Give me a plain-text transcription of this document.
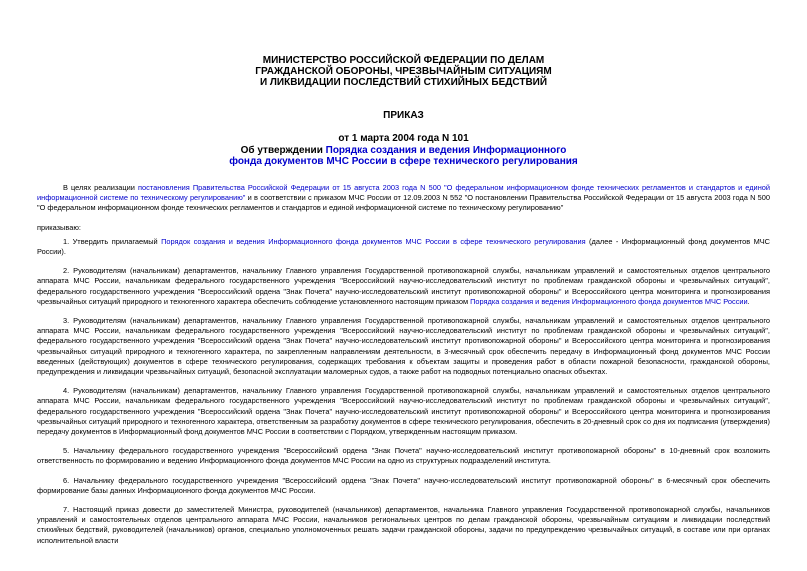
МИНИСТЕРСТВО РОССИЙСКОЙ ФЕДЕРАЦИИ ПО ДЕЛАМ
ГРАЖДАНСКОЙ ОБОРОНЫ, ЧРЕЗВЫЧАЙНЫМ СИТУАЦИЯМ
И ЛИКВИДАЦИИ ПОСЛЕДСТВИЙ СТИХИЙНЫХ БЕДСТВИЙ
ПРИКАЗ
от 1 марта 2004 года N 101
Об утверждении Порядка создания и ведения Информационного
фонда документов МЧС России в сфере технического регулирования

В целях реализации постановления Правительства Российской Федерации от 15 августа 2003 года N 500 "О федеральном информационном фонде технических регламентов и стандартов и единой информационной системе по техническому регулированию" и в соответствии с приказом МЧС России от 12.09.2003 N 552 "О постановлении Правительства Российской Федерации от 15 августа 2003 года N 500 "О федеральном информационном фонде технических регламентов и стандартов и единой информационной системе по техническому регулированию"

приказываю:

1. Утвердить прилагаемый Порядок создания и ведения Информационного фонда документов МЧС России в сфере технического регулирования (далее - Информационный фонд документов МЧС России).

2. Руководителям (начальникам) департаментов, начальнику Главного управления Государственной противопожарной службы, начальникам управлений и самостоятельных отделов центрального аппарата МЧС России, начальникам федерального государственного учреждения "Всероссийский научно-исследовательский институт по проблемам гражданской обороны и чрезвычайных ситуаций", федерального государственного учреждения "Всероссийский ордена "Знак Почета" научно-исследовательский институт противопожарной обороны" и Всероссийского центра мониторинга и прогнозирования чрезвычайных ситуаций природного и техногенного характера обеспечить соблюдение установленного настоящим приказом Порядка создания и ведения Информационного фонда документов МЧС России.

3. Руководителям (начальникам) департаментов, начальнику Главного управления Государственной противопожарной службы, начальникам управлений и самостоятельных отделов центрального аппарата МЧС России, начальникам федерального государственного учреждения "Всероссийский научно-исследовательский институт по проблемам гражданской обороны и чрезвычайных ситуаций", федерального государственного учреждения "Всероссийский ордена "Знак Почета" научно-исследовательский институт противопожарной обороны" и Всероссийского центра мониторинга и прогнозирования чрезвычайных ситуаций природного и техногенного характера, по закрепленным направлениям деятельности, в 3-месячный срок обеспечить передачу в Информационный фонд документов МЧС России введенных (действующих) документов в сфере технического регулирования, содержащих требования к объектам защиты и проведения работ в области пожарной безопасности, гражданской обороны, предупреждения и ликвидации чрезвычайных ситуаций, безопасной эксплуатации маломерных судов, а также работ на подводных потенциально опасных объектах.

4. Руководителям (начальникам) департаментов, начальнику Главного управления Государственной противопожарной службы, начальникам управлений и самостоятельных отделов центрального аппарата МЧС России, начальникам федерального государственного учреждения "Всероссийский научно-исследовательский институт по проблемам гражданской обороны и чрезвычайных ситуаций", федерального государственного учреждения "Всероссийский ордена "Знак Почета" научно-исследовательский институт противопожарной обороны" и Всероссийского центра мониторинга и прогнозирования чрезвычайных ситуаций природного и техногенного характера, ответственным за разработку документов в сфере технического регулирования, обеспечить в 20-дневный срок со дня их подписания (утверждения) передачу документов в Информационный фонд документов МЧС России в соответствии с Порядком, утвержденным настоящим приказом.

5. Начальнику федерального государственного учреждения "Всероссийский ордена "Знак Почета" научно-исследовательский институт противопожарной обороны" в 10-дневный срок возложить ответственность по формированию и ведению Информационного фонда документов МЧС России на одно из структурных подразделений института.

6. Начальнику федерального государственного учреждения "Всероссийский ордена "Знак Почета" научно-исследовательский институт противопожарной обороны" в 6-месячный срок обеспечить формирование базы данных Информационного фонда документов МЧС России.

7. Настоящий приказ довести до заместителей Министра, руководителей (начальников) департаментов, начальника Главного управления Государственной противопожарной службы, начальников управлений и самостоятельных отделов центрального аппарата МЧС России, начальников региональных центров по делам гражданской обороны, чрезвычайным ситуациям и ликвидации последствий стихийных бедствий, руководителей (начальников) органов, специально уполномоченных решать задачи гражданской обороны, задачи по предупреждению чрезвычайных ситуаций, в составе или при органах исполнительной власти
